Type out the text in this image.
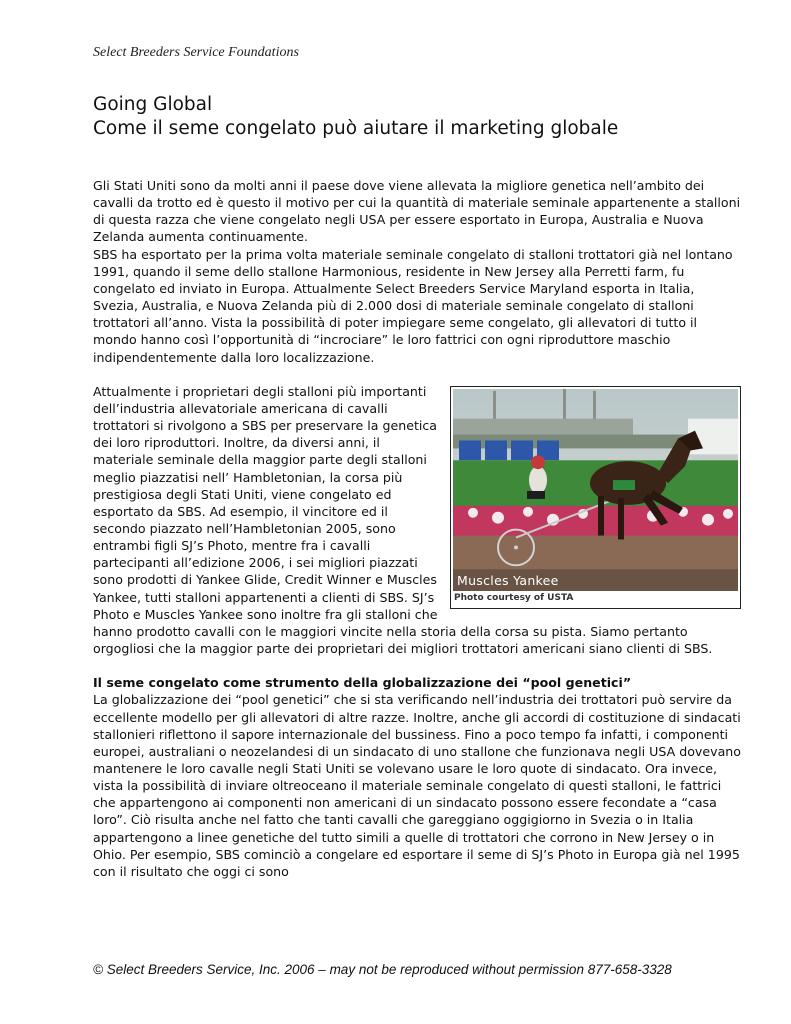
Select Breeders Service Foundations
Going Global
Come il seme congelato può aiutare il marketing globale

Gli Stati Uniti sono da molti anni il paese dove viene allevata la migliore genetica nell’ambito dei cavalli da trotto ed è questo il motivo per cui la quantità di materiale seminale appartenente a stalloni di questa razza che viene congelato negli USA per essere esportato in Europa, Australia e Nuova Zelanda aumenta continuamente.

SBS ha esportato per la prima volta materiale seminale congelato di stalloni trottatori già nel lontano 1991, quando il seme dello stallone Harmonious, residente in New Jersey alla Perretti farm, fu congelato ed inviato in Europa. Attualmente Select Breeders Service Maryland esporta in Italia, Svezia, Australia, e Nuova Zelanda più di 2.000 dosi di materiale seminale congelato di stalloni trottatori all’anno. Vista la possibilità di poter impiegare seme congelato, gli allevatori di tutto il mondo hanno così l’opportunità di “incrociare” le loro fattrici con ogni riproduttore maschio indipendentemente dalla loro localizzazione.

Muscles Yankee
Photo courtesy of USTA

Attualmente i proprietari degli stalloni più importanti dell’industria allevatoriale americana di cavalli trottatori si rivolgono a SBS per preservare la genetica dei loro riproduttori. Inoltre, da diversi anni, il materiale seminale della maggior parte degli stalloni meglio piazzatisi nell’ Hambletonian, la corsa più prestigiosa degli Stati Uniti, viene congelato ed esportato da SBS. Ad esempio, il vincitore ed il secondo piazzato nell’Hambletonian 2005, sono entrambi figli SJ’s Photo, mentre fra i cavalli partecipanti all’edizione 2006, i sei migliori piazzati sono prodotti di Yankee Glide, Credit Winner e Muscles Yankee, tutti stalloni appartenenti a clienti di SBS. SJ’s Photo e Muscles Yankee sono inoltre fra gli stalloni che hanno prodotto cavalli con le maggiori vincite nella storia della corsa su pista. Siamo pertanto orgogliosi che la maggior parte dei proprietari dei migliori trottatori americani siano clienti di SBS.

Il seme congelato come strumento della globalizzazione dei “pool genetici”

La globalizzazione dei “pool genetici” che si sta verificando nell’industria dei trottatori può servire da eccellente modello per gli allevatori di altre razze. Inoltre, anche gli accordi di costituzione di sindacati stallonieri riflettono il sapore internazionale del bussiness. Fino a poco tempo fa infatti, i componenti europei, australiani o neozelandesi di un sindacato di uno stallone che funzionava negli USA dovevano mantenere le loro cavalle negli Stati Uniti se volevano usare le loro quote di sindacato. Ora invece, vista la possibilità di inviare oltreoceano il materiale seminale congelato di questi stalloni, le fattrici che appartengono ai componenti non americani di un sindacato possono essere fecondate a “casa loro”. Ciò risulta anche nel fatto che tanti cavalli che gareggiano oggigiorno in Svezia o in Italia appartengono a linee genetiche del tutto simili a quelle di trottatori che corrono in New Jersey o in Ohio. Per esempio, SBS cominciò a congelare ed esportare il seme di SJ’s Photo in Europa già nel 1995 con il risultato che oggi ci sono

© Select Breeders Service, Inc. 2006 – may not be reproduced without permission 877-658-3328
